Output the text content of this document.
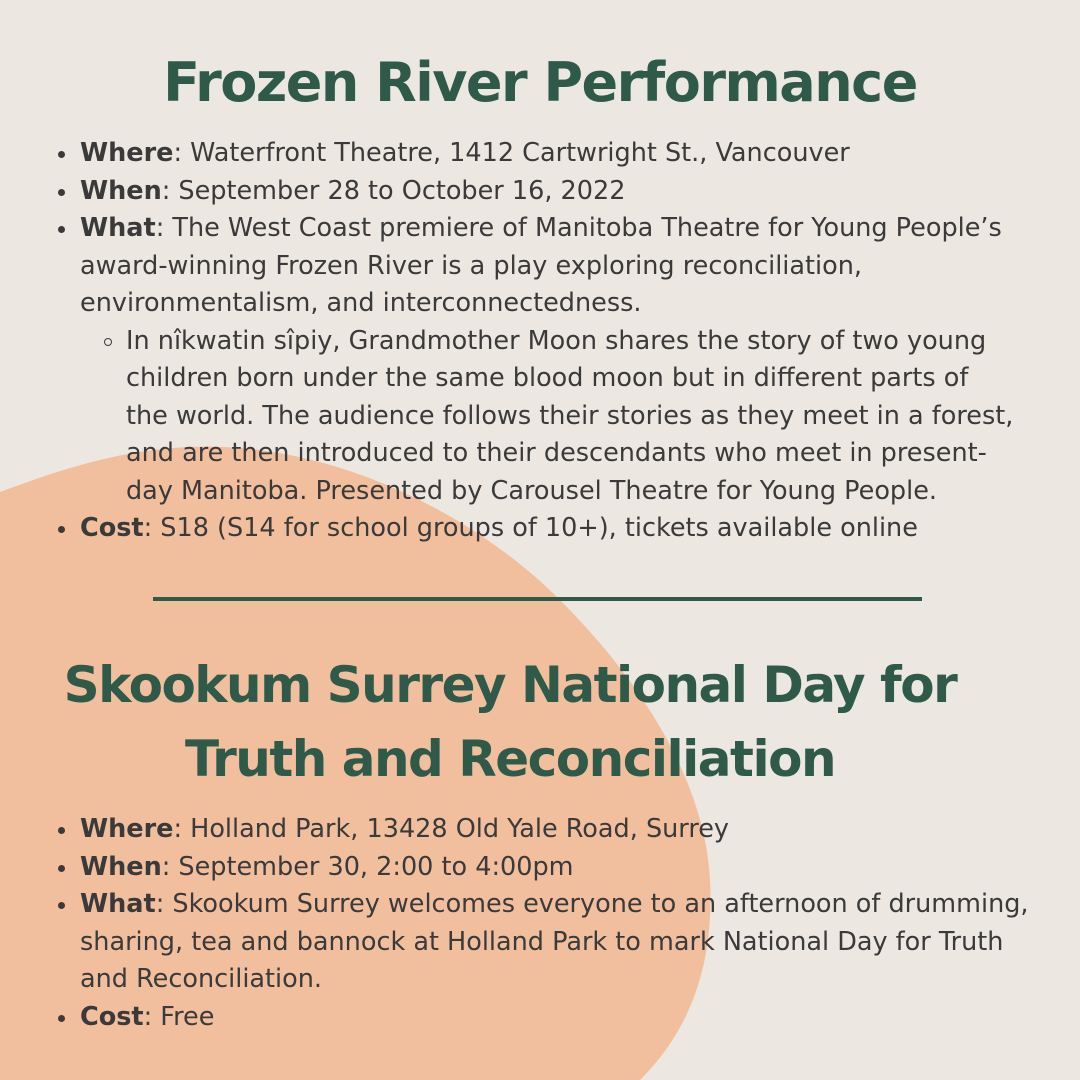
Frozen River Performance
Where: Waterfront Theatre, 1412 Cartwright St., Vancouver
When: September 28 to October 16, 2022
What: The West Coast premiere of Manitoba Theatre for Young People’s award-winning Frozen River is a play exploring reconciliation, environmentalism, and interconnectedness.
In nîkwatin sîpiy, Grandmother Moon shares the story of two young children born under the same blood moon but in different parts of the world. The audience follows their stories as they meet in a forest, and are then introduced to their descendants who meet in present-day Manitoba. Presented by Carousel Theatre for Young People.
Cost: S18 (S14 for school groups of 10+), tickets available online
Skookum Surrey National Day for Truth and Reconciliation
Where: Holland Park, 13428 Old Yale Road, Surrey
When: September 30, 2:00 to 4:00pm
What: Skookum Surrey welcomes everyone to an afternoon of drumming, sharing, tea and bannock at Holland Park to mark National Day for Truth and Reconciliation.
Cost: Free
